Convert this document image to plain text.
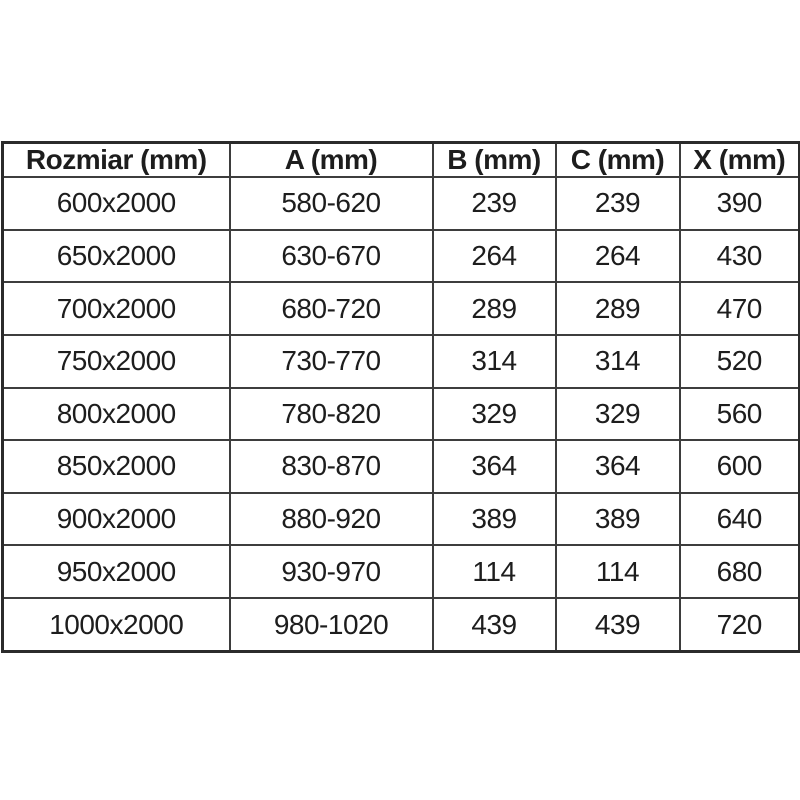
Rozmiar (mm)	A (mm)	B (mm)	C (mm)	X (mm)
600x2000	580-620	239	239	390
650x2000	630-670	264	264	430
700x2000	680-720	289	289	470
750x2000	730-770	314	314	520
800x2000	780-820	329	329	560
850x2000	830-870	364	364	600
900x2000	880-920	389	389	640
950x2000	930-970	114	114	680
1000x2000	980-1020	439	439	720
